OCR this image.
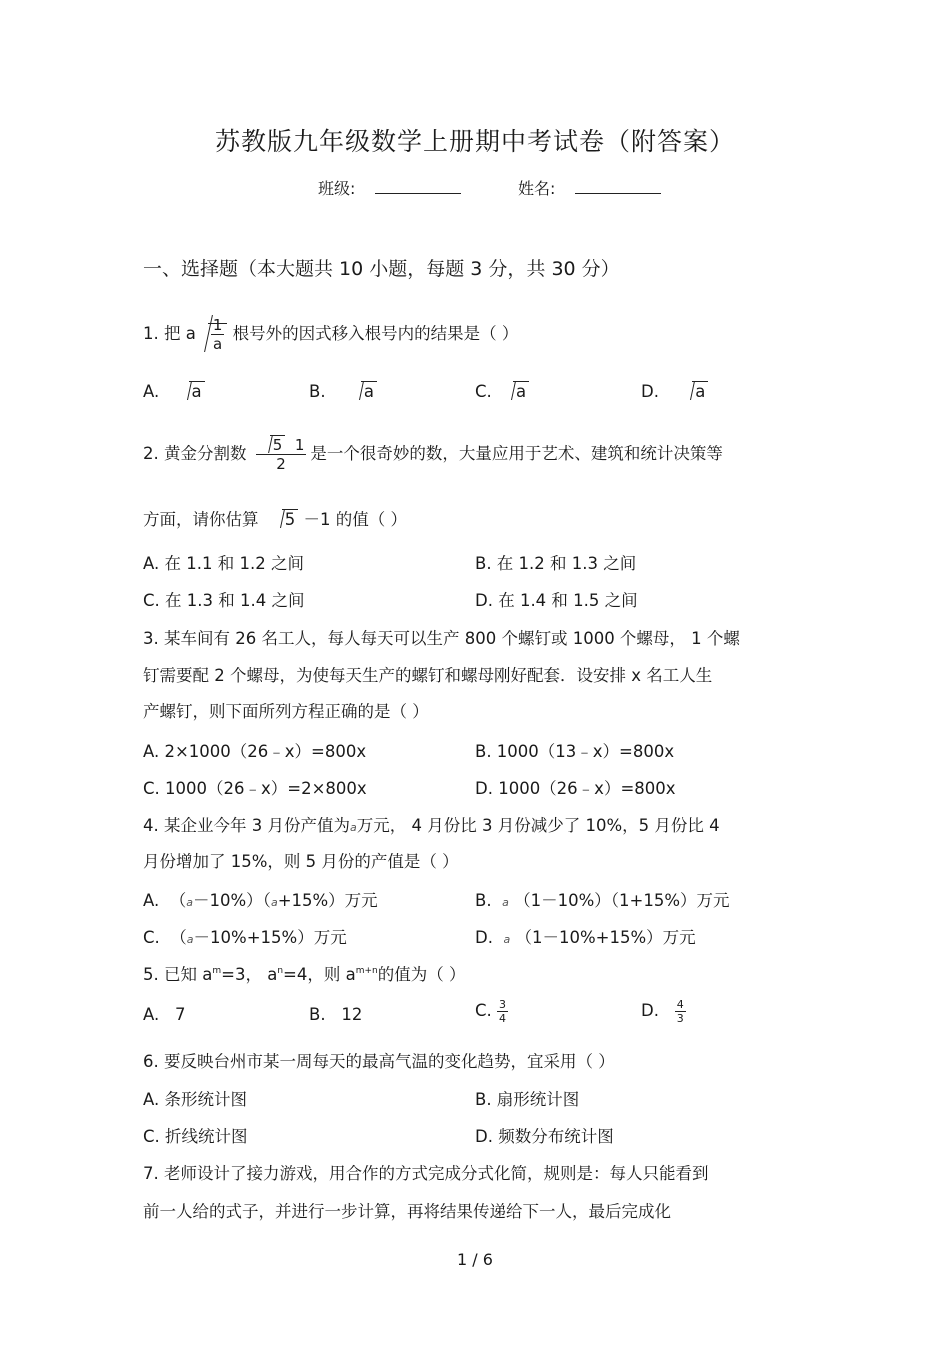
苏教版九年级数学上册期中考试卷（附答案）
班级:	姓名:
一、选择题（本大题共 10 小题，每题 3 分，共 30 分）
1. 把 a $\frac{1}{a}$ 根号外的因式移入根号内的结果是（ ）
A. a	B. a	C. a	D. a
2. 黄金分割数 $\frac{5 1}{2}$ 是一个很奇妙的数，大量应用于艺术、建筑和统计决策等
方面，请你估算 5 －1 的值（ ）
A. 在 1.1 和 1.2 之间	B. 在 1.2 和 1.3 之间
C. 在 1.3 和 1.4 之间	D. 在 1.4 和 1.5 之间
3. 某车间有 26 名工人，每人每天可以生产 800 个螺钉或 1000 个螺母， 1 个螺
钉需要配 2 个螺母，为使每天生产的螺钉和螺母刚好配套．设安排 x 名工人生
产螺钉，则下面所列方程正确的是（ ）
A. 2×1000（26﹣x）=800x	B. 1000（13﹣x）=800x
C. 1000（26﹣x）=2×800x	D. 1000（26﹣x）=800x
4. 某企业今年 3 月份产值为a万元， 4 月份比 3 月份减少了 10%，5 月份比 4
月份增加了 15%，则 5 月份的产值是（ ）
A. （a－10%）（a+15%）万元	B. a （1－10%）（1+15%）万元
C. （a－10%+15%）万元	D. a （1－10%+15%）万元
5. 已知 $a^m=3$， $a^n=4$，则 $a^{m+n}$的值为（ ）
A. 7	B. 12	C. $\frac{3}{4}$	D. $\frac{4}{3}$
6. 要反映台州市某一周每天的最高气温的变化趋势，宜采用（ ）
A. 条形统计图	B. 扇形统计图
C. 折线统计图	D. 频数分布统计图
7. 老师设计了接力游戏，用合作的方式完成分式化简，规则是：每人只能看到
前一人给的式子，并进行一步计算，再将结果传递给下一人，最后完成化
1 / 6
